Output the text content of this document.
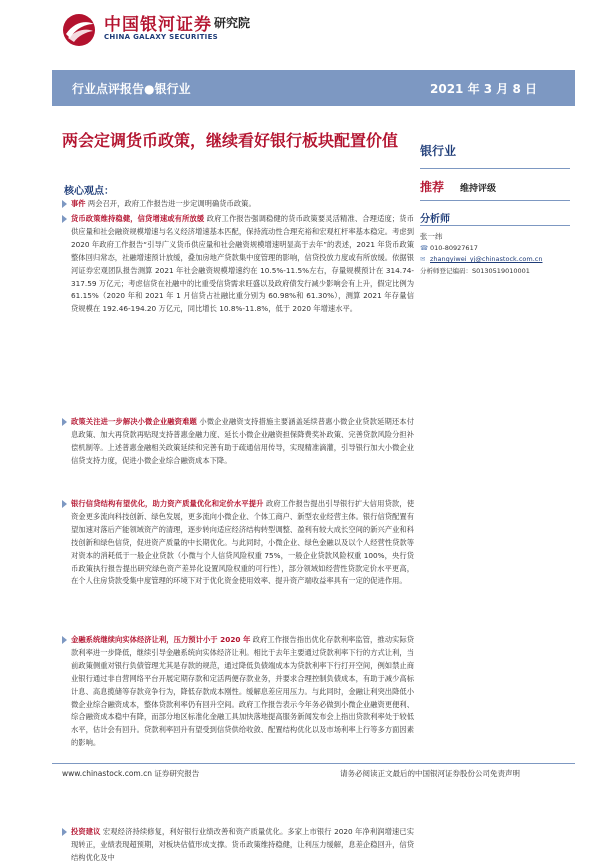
中国银河证券
CHINA GALAXY SECURITIES
研究院
行业点评报告●银行业	2021 年 3 月 8 日
两会定调货币政策，继续看好银行板块配置价值
核心观点：
银行业
推荐 维持评级
分析师
张一纬
☎ 010-80927617
✉ zhangyiwei_yj@chinastock.com.cn
分析师登记编码：S0130519010001
事件 两会召开，政府工作报告进一步定调明确货币政策。
货币政策维持稳健，信贷增速或有所放缓 政府工作报告强调稳健的货币政策要灵活精准、合理适度；货币供应量和社会融资规模增速与名义经济增速基本匹配，保持流动性合理充裕和宏观杠杆率基本稳定。考虑到 2020 年政府工作报告“引导广义货币供应量和社会融资规模增速明显高于去年”的表述，2021 年货币政策整体回归常态，社融增速预计放缓，叠加房地产贷款集中度管理的影响，信贷投放力度或有所放缓。依据银河证券宏观团队报告测算 2021 年社会融资规模增速约在 10.5%-11.5%左右，存量规模预计在 314.74-317.59 万亿元；考虑信贷在社融中的比重受信贷需求旺盛以及政府债发行减少影响会有上升，假定比例为 61.15%（2020 年和 2021 年 1 月信贷占社融比重分别为 60.98%和 61.30%），测算 2021 年存量信贷规模在 192.46-194.20 万亿元，同比增长 10.8%-11.8%，低于 2020 年增速水平。
政策关注进一步解决小微企业融资难题 小微企业融资支持措施主要涵盖延续普惠小微企业贷款延期还本付息政策、加大再贷款再贴现支持普惠金融力度、延长小微企业融资担保降费奖补政策、完善贷款风险分担补偿机制等。上述普惠金融相关政策延续和完善有助于疏通信用传导，实现精准滴灌，引导银行加大小微企业信贷支持力度，促进小微企业综合融资成本下降。
银行信贷结构有望优化，助力资产质量优化和定价水平提升 政府工作报告提出引导银行扩大信用贷款，使资金更多流向科技创新、绿色发展，更多流向小微企业、个体工商户、新型农业经营主体。银行信贷配置有望加速对落后产能领域资产的清理，逐步转向适应经济结构转型调整、盈利有较大成长空间的新兴产业和科技创新和绿色信贷，促进资产质量的中长期优化。与此同时，小微企业、绿色金融以及以个人经营性贷款等对资本的消耗低于一般企业贷款（小微与个人信贷风险权重 75%，一般企业贷款风险权重 100%，央行货币政策执行报告提出研究绿色资产差异化设置风险权重的可行性），部分领域如经营性贷款定价水平更高，在个人住房贷款受集中度管理的环境下对于优化资金使用效率、提升资产端收益率具有一定的促进作用。
金融系统继续向实体经济让利，压力预计小于 2020 年 政府工作报告指出优化存款利率监管，推动实际贷款利率进一步降低，继续引导金融系统向实体经济让利。相比于去年主要通过贷款利率下行的方式让利，当前政策侧重对银行负债管理尤其是存款的规范，通过降低负债端成本为贷款利率下行打开空间，例如禁止商业银行通过非自营网络平台开展定期存款和定活两便存款业务，并要求合理控制负债成本，有助于减少高标计息、高息揽储等存款竞争行为，降低存款成本刚性。缓解息差应用压力。与此同时，金融让利突出降低小微企业综合融资成本，整体贷款利率仍有回升空间。政府工作报告表示今年务必做到小微企业融资更便利、综合融资成本稳中有降，而部分地区标准化金融工具加快落地提高服务新闻发布会上指出贷款利率处于较低水平，估计会有回升。贷款利率回升有望受到信贷供给收敛、配置结构优化以及市场利率上行等多方面因素的影响。
投资建议 宏观经济持续修复，利好银行业绩改善和资产质量优化。多家上市银行 2020 年净利润增速已实现转正，业绩表现超预期，对板块估值形成支撑。货币政策维持稳健，让利压力缓解，息差企稳回升，信贷结构优化及中
www.chinastock.com.cn 证券研究报告	请务必阅读正文最后的中国银河证券股份公司免责声明
